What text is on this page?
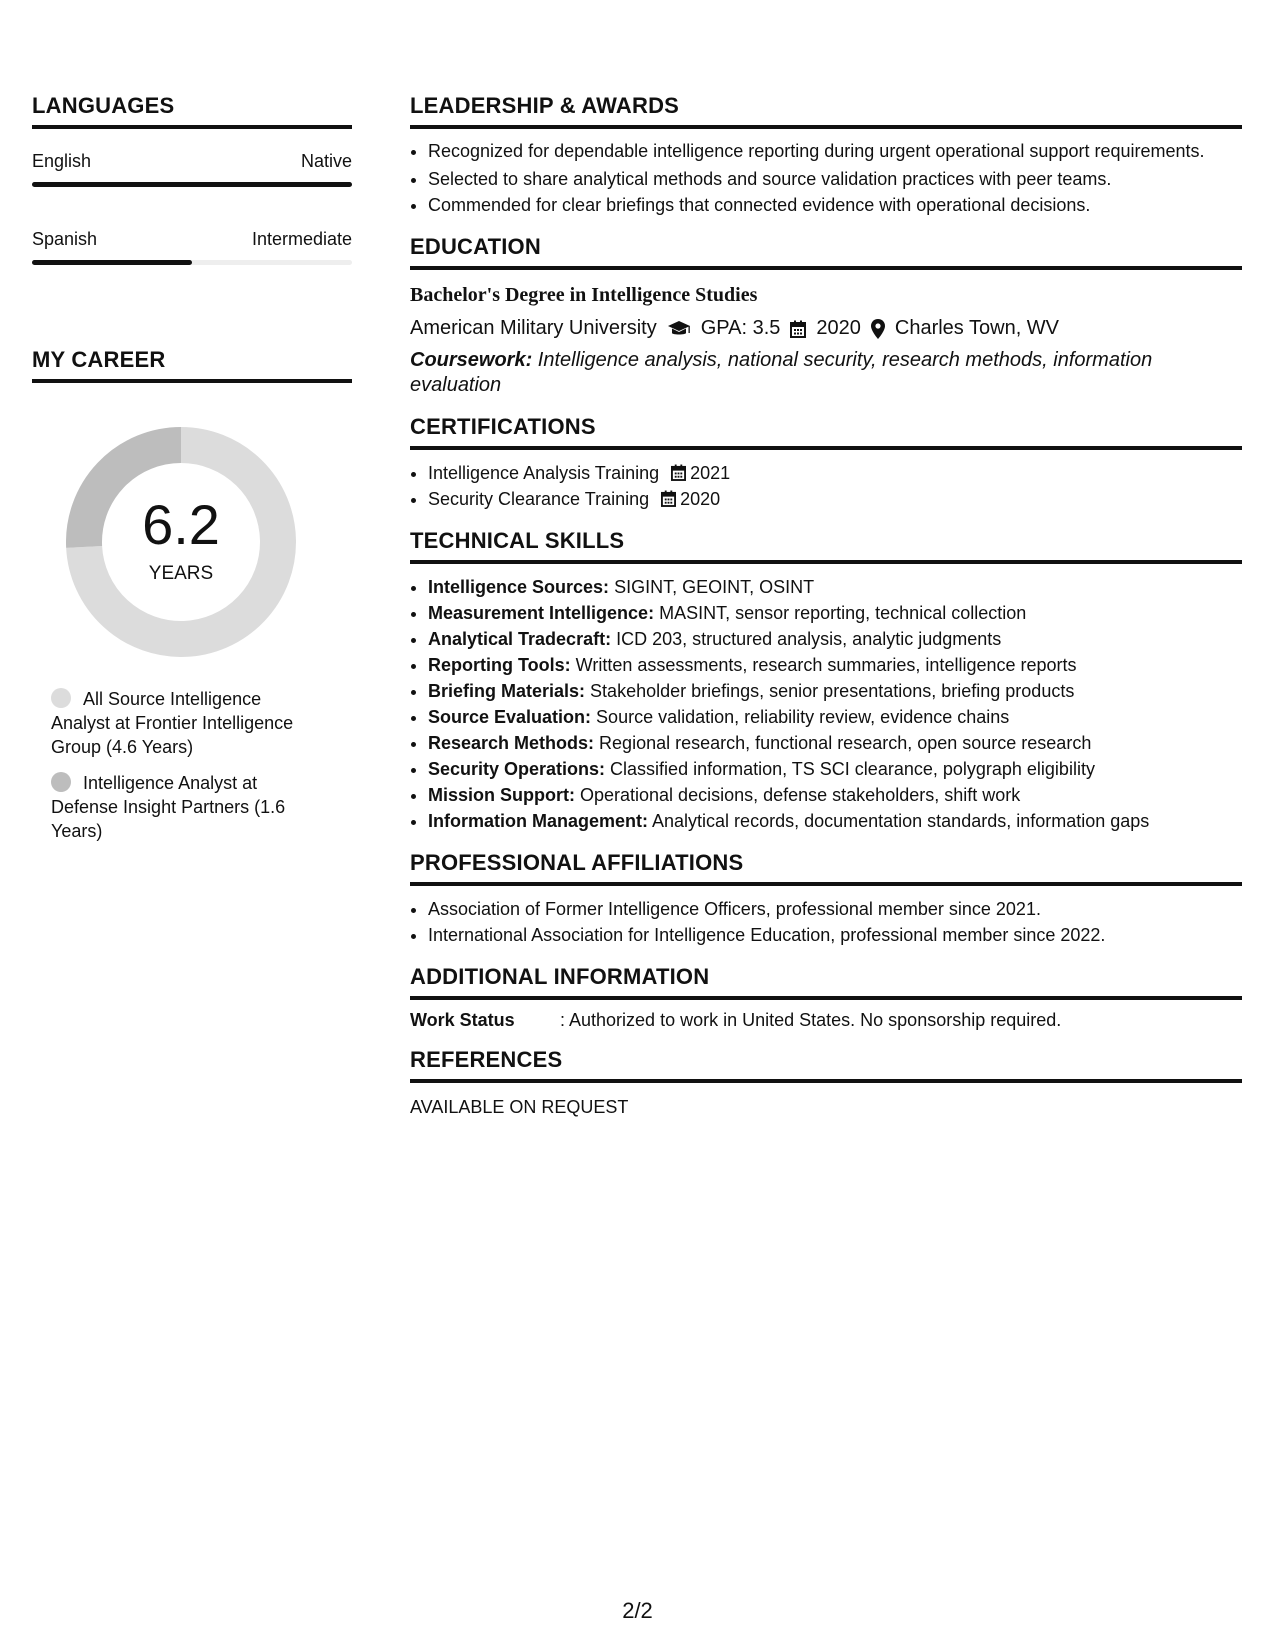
LANGUAGES
English	Native
Spanish	Intermediate
MY CAREER
6.2
YEARS
All Source Intelligence Analyst at Frontier Intelligence Group (4.6 Years)
Intelligence Analyst at Defense Insight Partners (1.6 Years)
LEADERSHIP & AWARDS
• Recognized for dependable intelligence reporting during urgent operational support requirements.
• Selected to share analytical methods and source validation practices with peer teams.
• Commended for clear briefings that connected evidence with operational decisions.
EDUCATION
Bachelor's Degree in Intelligence Studies
American Military University GPA: 3.5 2020 Charles Town, WV
Coursework: Intelligence analysis, national security, research methods, information evaluation
CERTIFICATIONS
• Intelligence Analysis Training 2021
• Security Clearance Training 2020
TECHNICAL SKILLS
• Intelligence Sources: SIGINT, GEOINT, OSINT
• Measurement Intelligence: MASINT, sensor reporting, technical collection
• Analytical Tradecraft: ICD 203, structured analysis, analytic judgments
• Reporting Tools: Written assessments, research summaries, intelligence reports
• Briefing Materials: Stakeholder briefings, senior presentations, briefing products
• Source Evaluation: Source validation, reliability review, evidence chains
• Research Methods: Regional research, functional research, open source research
• Security Operations: Classified information, TS SCI clearance, polygraph eligibility
• Mission Support: Operational decisions, defense stakeholders, shift work
• Information Management: Analytical records, documentation standards, information gaps
PROFESSIONAL AFFILIATIONS
• Association of Former Intelligence Officers, professional member since 2021.
• International Association for Intelligence Education, professional member since 2022.
ADDITIONAL INFORMATION
Work Status	: Authorized to work in United States. No sponsorship required.
REFERENCES
AVAILABLE ON REQUEST
2/2
